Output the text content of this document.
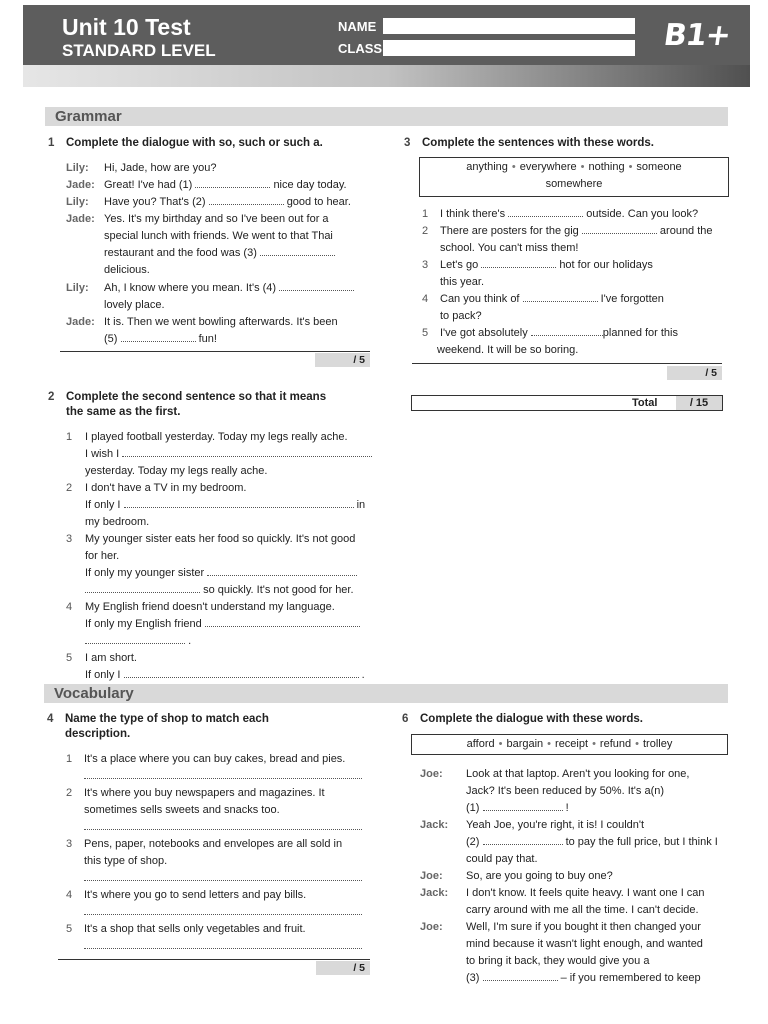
NAME
CLASS
Unit 10 Test
STANDARD LEVEL	B1+
Grammar
1 Complete the dialogue with so, such or such a.
Lily: Hi, Jade, how are you?
Jade: Great! I've had (1)	nice day today.
Lily: Have you? That's (2)	good to hear.
Jade: Yes. It's my birthday and so I've been out for a
special lunch with friends. We went to that Thai
restaurant and the food was (3)
delicious.
Lily: Ah, I know where you mean. It's (4)
lovely place.
Jade: It is. Then we went bowling afterwards. It's been
(5)	fun!
/ 5
2 Complete the second sentence so that it means
the same as the first.
1 I played football yesterday. Today my legs really ache.
I wish I
yesterday. Today my legs really ache.
2 I don't have a TV in my bedroom.
If only I	in
my bedroom.
3 My younger sister eats her food so quickly. It's not good
for her.
If only my younger sister
so quickly. It's not good for her.
4 My English friend doesn't understand my language.
If only my English friend
.
5 I am short.
If only I	.
3 Complete the sentences with these words.
anything • everywhere • nothing • someone
somewhere
1 I think there's	outside. Can you look?
2 There are posters for the gig	around the
school. You can't miss them!
3 Let's go	hot for our holidays
this year.
4 Can you think of	I've forgotten
to pack?
5 I've got absolutely	planned for this
weekend. It will be so boring.
/ 5
Total	/ 15
Vocabulary
4 Name the type of shop to match each
description.
1 It's a place where you can buy cakes, bread and pies.
2 It's where you buy newspapers and magazines. It
sometimes sells sweets and snacks too.
3 Pens, paper, notebooks and envelopes are all sold in
this type of shop.
4 It's where you go to send letters and pay bills.
5 It's a shop that sells only vegetables and fruit.
/ 5
6 Complete the dialogue with these words.
afford • bargain • receipt • refund • trolley
Joe: Look at that laptop. Aren't you looking for one,
Jack? It's been reduced by 50%. It's a(n)
(1)	!
Jack: Yeah Joe, you're right, it is! I couldn't
(2)	to pay the full price, but I think I
could pay that.
Joe: So, are you going to buy one?
Jack: I don't know. It feels quite heavy. I want one I can
carry around with me all the time. I can't decide.
Joe: Well, I'm sure if you bought it then changed your
mind because it wasn't light enough, and wanted
to bring it back, they would give you a
(3)	– if you remembered to keep
